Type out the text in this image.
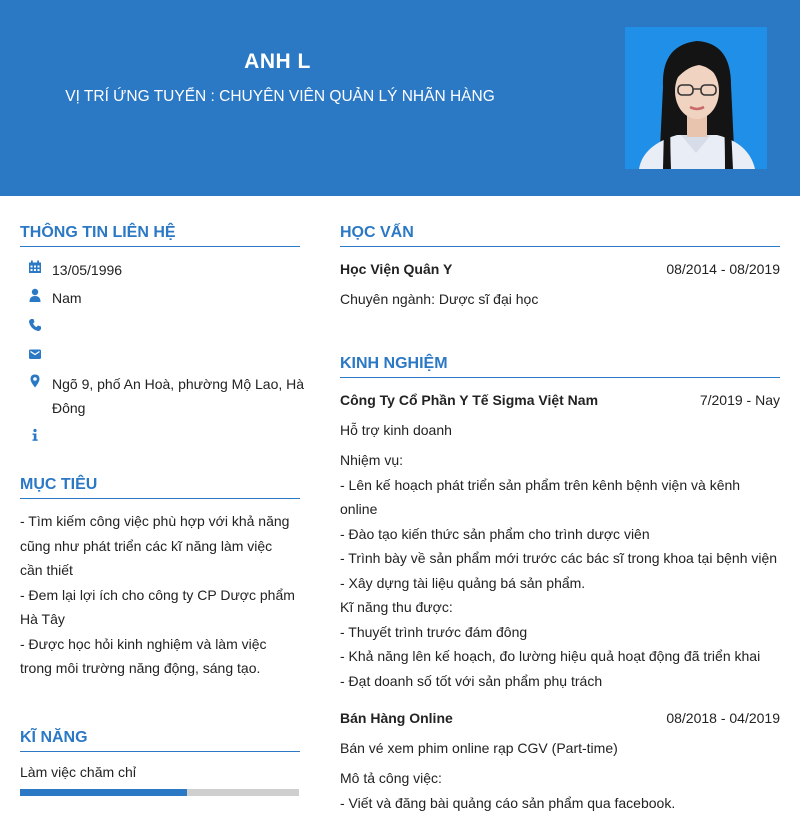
ANH L
VỊ TRÍ ỨNG TUYỂN : CHUYÊN VIÊN QUẢN LÝ NHÃN HÀNG
THÔNG TIN LIÊN HỆ
13/05/1996
Nam
Ngõ 9, phố An Hoà, phường Mộ Lao, Hà
Đông
MỤC TIÊU
- Tìm kiếm công việc phù hợp với khả năng
cũng như phát triển các kĩ năng làm việc
cần thiết
- Đem lại lợi ích cho công ty CP Dược phẩm
Hà Tây
- Được học hỏi kinh nghiệm và làm việc
trong môi trường năng động, sáng tạo.
KĨ NĂNG
Làm việc chăm chỉ
HỌC VẤN
Học Viện Quân Y	08/2014 - 08/2019
Chuyên ngành: Dược sĩ đại học
KINH NGHIỆM
Công Ty Cổ Phần Y Tế Sigma Việt Nam	7/2019 - Nay
Hỗ trợ kinh doanh
Nhiệm vụ:
- Lên kế hoạch phát triển sản phẩm trên kênh bệnh viện và kênh
online
- Đào tạo kiến thức sản phẩm cho trình dược viên
- Trình bày về sản phẩm mới trước các bác sĩ trong khoa tại bệnh viện
- Xây dựng tài liệu quảng bá sản phẩm.
Kĩ năng thu được:
- Thuyết trình trước đám đông
- Khả năng lên kế hoạch, đo lường hiệu quả hoạt động đã triển khai
- Đạt doanh số tốt với sản phẩm phụ trách
Bán Hàng Online	08/2018 - 04/2019
Bán vé xem phim online rạp CGV (Part-time)
Mô tả công việc:
- Viết và đăng bài quảng cáo sản phẩm qua facebook.
